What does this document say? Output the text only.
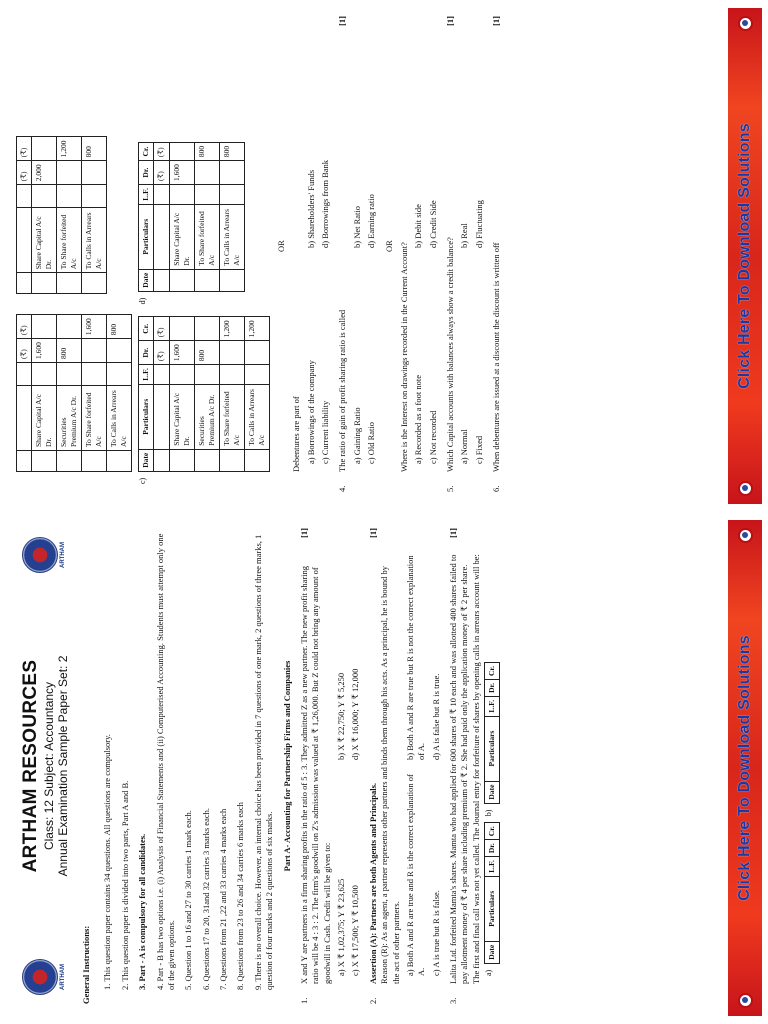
ARTHAM
ARTHAM RESOURCES Class: 12 Subject: Accountancy Annual Examination Sample Paper Set: 2
ARTHAM
General Instructions: 1. This question paper contains 34 questions. All questions are compulsory. 2. This question paper is divided into two parts, Part A and B. 3. Part - A is compulsory for all candidates. 4. Part - B has two options i.e. (i) Analysis of Financial Statements and (ii) Computerised Accounting. Students must attempt only one of the given options. 5. Question 1 to 16 and 27 to 30 carries 1 mark each. 6. Questions 17 to 20, 31and 32 carries 3 marks each. 7. Questions from 21 ,22 and 33 carries 4 marks each 8. Questions from 23 to 26 and 34 carries 6 marks each 9. There is no overall choice. However, an internal choice has been provided in 7 questions of one mark, 2 questions of three marks, 1 question of four marks and 2 questions of six marks.

Part A- Accounting for Partnership Firms and Companies
1.
X and Y are partners in a firm sharing profits in the ratio of 5 : 3. They admitted Z as a new partner. The new profit sharing ratio will be 4 : 3 : 2. The firm's goodwill on Z's admission was valued at ₹ 1,26,000. But Z could not bring any amount of goodwill in Cash. Credit will be given to: a) X ₹ 1,02,375; Y ₹ 23,625
b) X ₹ 22,750; Y ₹ 5,250
c) X ₹ 17,500; Y ₹ 10,500
d) X ₹ 16,000; Y ₹ 12,000
[1]
2.
Assertion (A): Partners are both Agents and Principals. Reason (R): As an agent, a partner represents other partners and binds them through his acts. As a principal, he is bound by the act of other partners. a) Both A and R are true and R is the correct explanation of A.
b) Both A and R are true but R is not the correct explanation of A.
c) A is true but R is false.
d) A is false but R is true.
[1]
3.
Lalita Ltd. forfeited Mamta's shares. Mamta who had applied for 600 shares of ₹ 10 each and was allotted 400 shares failed to pay allotment money of ₹ 4 per share including premium of ₹ 2. She had paid only the application money of ₹ 2 per share. The first and final call was not yet called. The Journal entry for forfeiture of shares by opening calls in arrears account will be: a)
Date	Particulars	L.F.	Dr.	Cr.
b)
Date	Particulars	L.F.	Dr.	Cr.
[1]
Click Here To Download Solutions
			(₹)	(₹)
	Share Capital A/c Dr.		1,600	
	Securities Premium A/c Dr.		800	
	To Share forfeited A/c			1,600
	To Calls in Arrears A/c			800
			(₹)	(₹)
	Share Capital A/c Dr.		2,000	
	To Share forfeited A/c			1,200
	To Calls in Arrears A/c			800
c)
Date	Particulars	L.F.	Dr.	Cr.
			(₹)	(₹)
	Share Capital A/c Dr.		1,600	
	Securities Premium A/c Dr.		800	
	To Share forfeited A/c			1,200
	To Calls in Arrears A/c			1,200
d)
Date	Particulars	L.F.	Dr.	Cr.
			(₹)	(₹)
	Share Capital A/c Dr.		1,600	
	To Share forfeited A/c			800
	To Calls in Arrears A/c			800
OR
Debentures are part of a) Borrowings of the company
b) Shareholders' Funds
c) Current liability
d) Borrowings from Bank
4.
The ratio of gain of profit sharing ratio is called a) Gaining Ratio
b) Net Ratio
c) Old Ratio
d) Earning ratio
[1]
OR Where is the Interest on drawings recorded in the Current Account? a) Recorded as a foot note
b) Debit side
c) Not recorded
d) Credit Side
5.
Which Capital accounts with balances always show a credit balance? a) Normal
b) Real
c) Fixed
d) Fluctuating
[1]
6.
When debentures are issued at a discount the discount is written off
[1]
Click Here To Download Solutions
